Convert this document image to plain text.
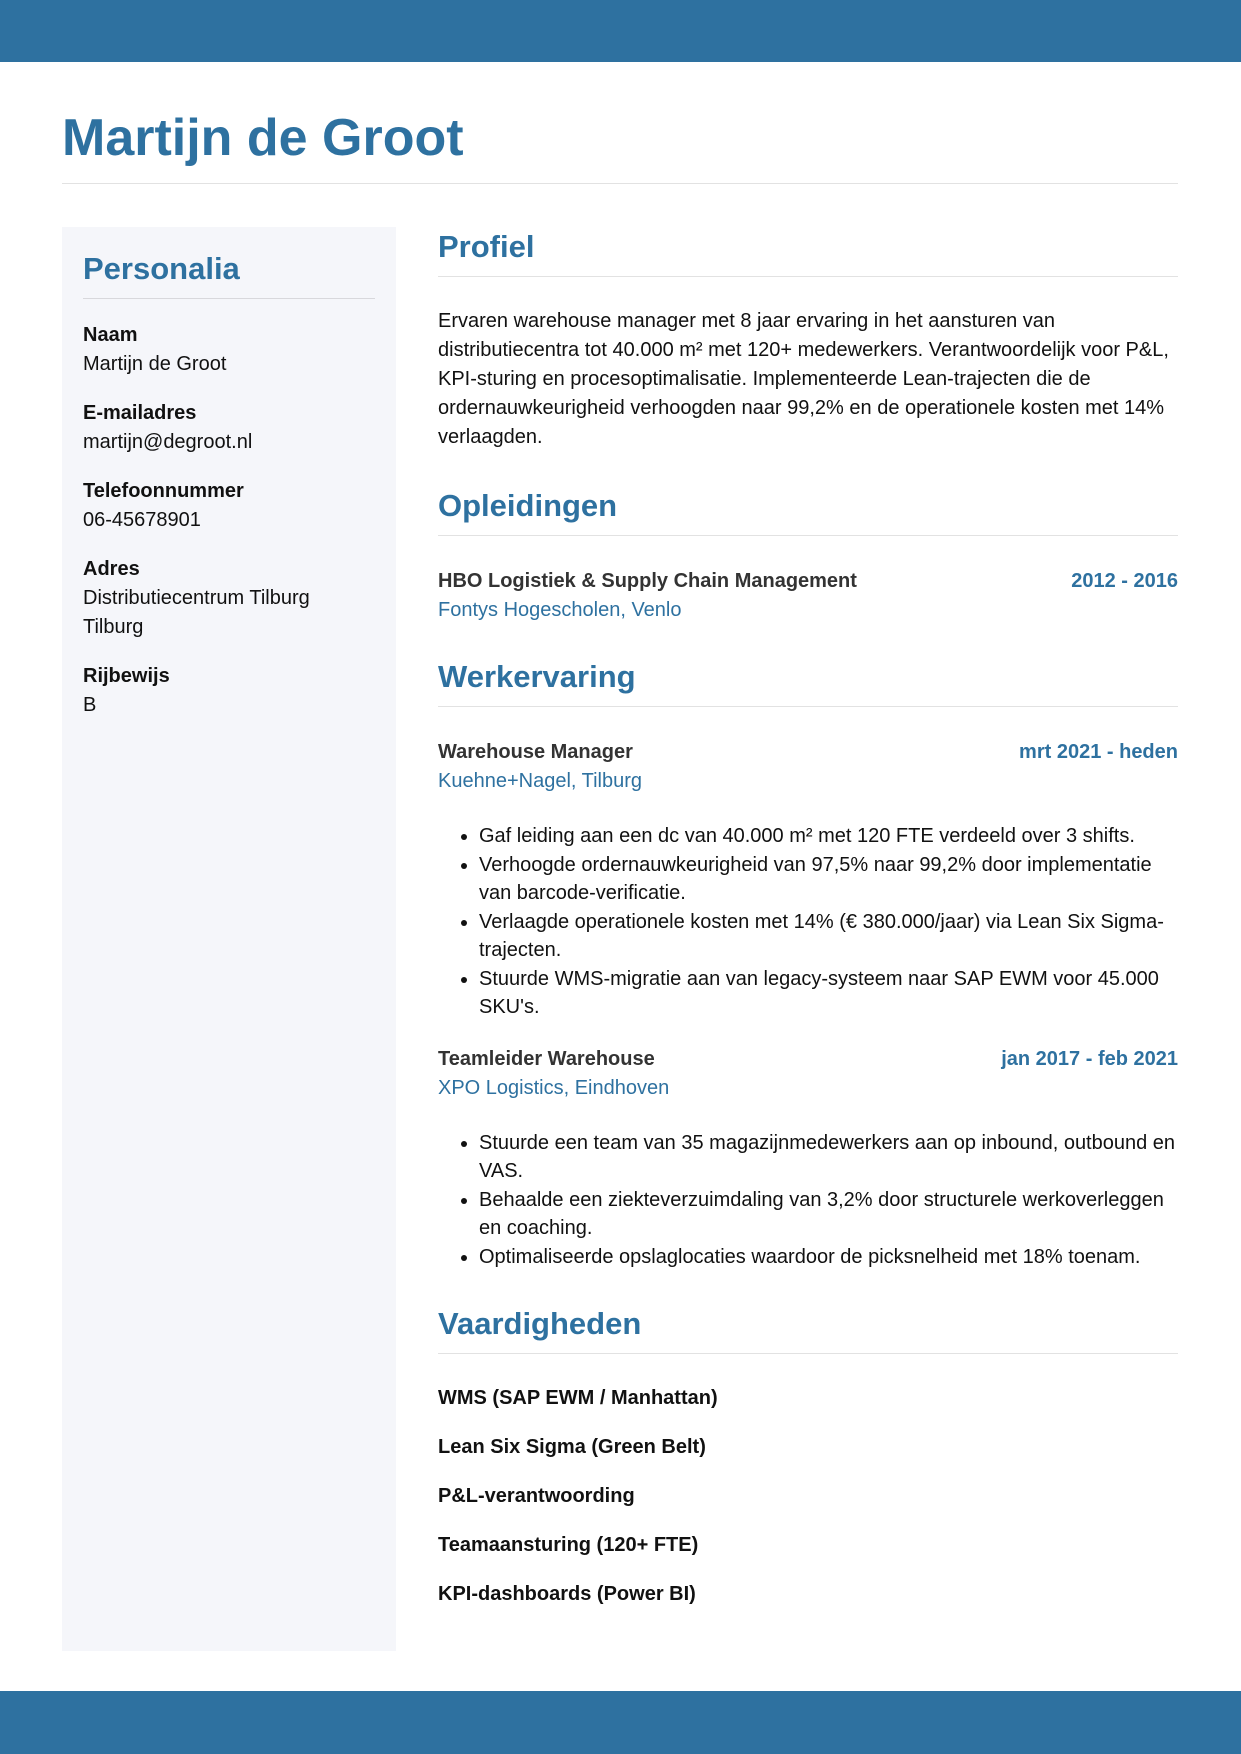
Martijn de Groot
Personalia
Naam
Martijn de Groot
E-mailadres
martijn@degroot.nl
Telefoonnummer
06-45678901
Adres
Distributiecentrum Tilburg
Tilburg
Rijbewijs
B
Profiel

Ervaren warehouse manager met 8 jaar ervaring in het aansturen van distributiecentra tot 40.000 m² met 120+ medewerkers. Verantwoordelijk voor P&L, KPI-sturing en procesoptimalisatie. Implementeerde Lean-trajecten die de ordernauwkeurigheid verhoogden naar 99,2% en de operationele kosten met 14% verlaagden.

Opleidingen
HBO Logistiek & Supply Chain Management	2012 - 2016
Fontys Hogescholen, Venlo
Werkervaring
Warehouse Manager	mrt 2021 - heden
Kuehne+Nagel, Tilburg
• Gaf leiding aan een dc van 40.000 m² met 120 FTE verdeeld over 3 shifts.
• Verhoogde ordernauwkeurigheid van 97,5% naar 99,2% door implementatie van barcode-verificatie.
• Verlaagde operationele kosten met 14% (€ 380.000/jaar) via Lean Six Sigma-trajecten.
• Stuurde WMS-migratie aan van legacy-systeem naar SAP EWM voor 45.000 SKU's.
Teamleider Warehouse	jan 2017 - feb 2021
XPO Logistics, Eindhoven
• Stuurde een team van 35 magazijnmedewerkers aan op inbound, outbound en VAS.
• Behaalde een ziekteverzuimdaling van 3,2% door structurele werkoverleggen en coaching.
• Optimaliseerde opslaglocaties waardoor de picksnelheid met 18% toenam.
Vaardigheden
WMS (SAP EWM / Manhattan)
Lean Six Sigma (Green Belt)
P&L-verantwoording
Teamaansturing (120+ FTE)
KPI-dashboards (Power BI)
